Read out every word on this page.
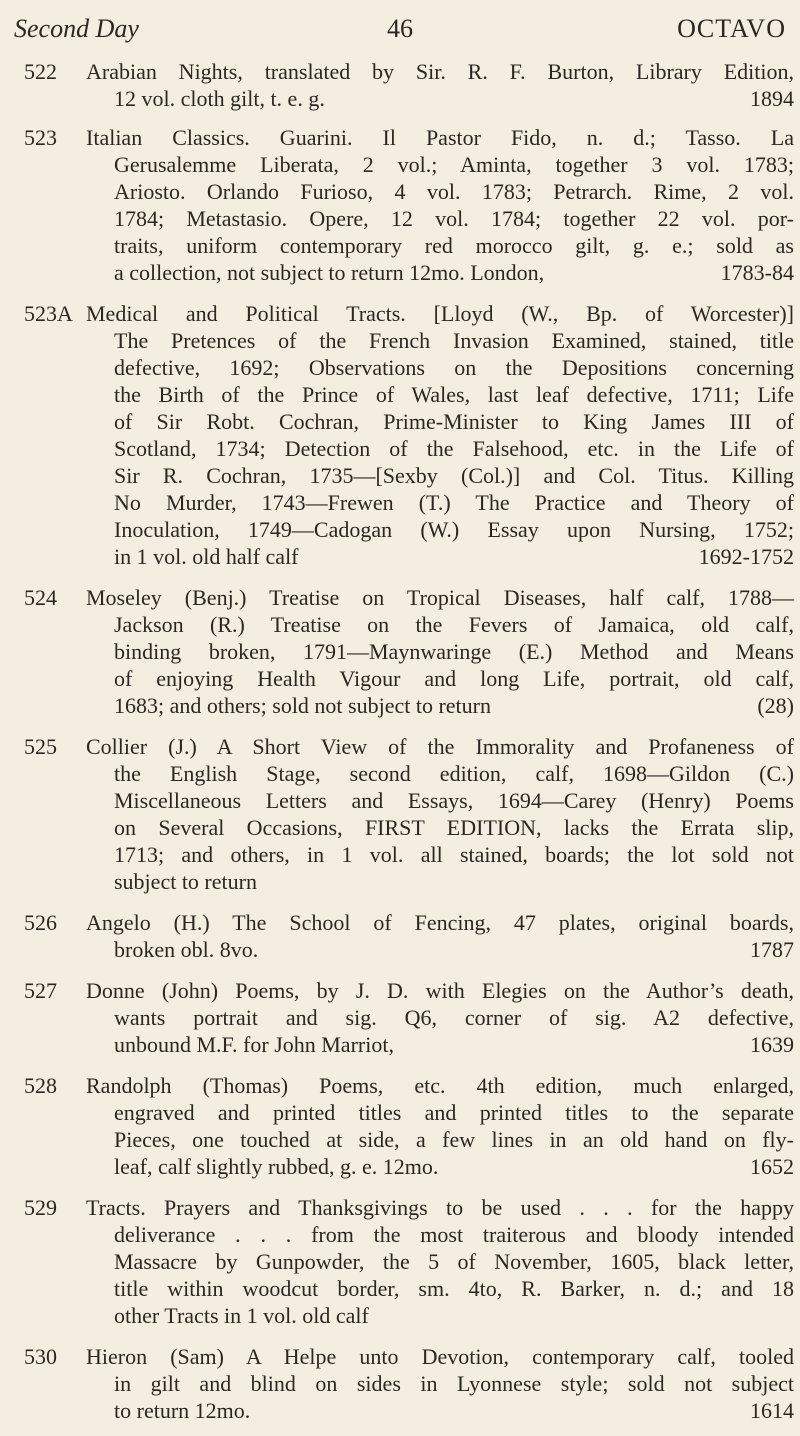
Second Day	46	OCTAVO
522	Arabian Nights, translated by Sir. R. F. Burton, Library Edition,
12 vol. cloth gilt, t. e. g.	1894
523	Italian Classics. Guarini. Il Pastor Fido, n. d.; Tasso. La
Gerusalemme Liberata, 2 vol.; Aminta, together 3 vol. 1783;
Ariosto. Orlando Furioso, 4 vol. 1783; Petrarch. Rime, 2 vol.
1784; Metastasio. Opere, 12 vol. 1784; together 22 vol. por-
traits, uniform contemporary red morocco gilt, g. e.; sold as
a collection, not subject to return 12mo. London,	1783-84
523A Medical and Political Tracts. [Lloyd (W., Bp. of Worcester)]
The Pretences of the French Invasion Examined, stained, title
defective, 1692; Observations on the Depositions concerning
the Birth of the Prince of Wales, last leaf defective, 1711; Life
of Sir Robt. Cochran, Prime-Minister to King James III of
Scotland, 1734; Detection of the Falsehood, etc. in the Life of
Sir R. Cochran, 1735—[Sexby (Col.)] and Col. Titus. Killing
No Murder, 1743—Frewen (T.) The Practice and Theory of
Inoculation, 1749—Cadogan (W.) Essay upon Nursing, 1752;
in 1 vol. old half calf	1692-1752
524	Moseley (Benj.) Treatise on Tropical Diseases, half calf, 1788—
Jackson (R.) Treatise on the Fevers of Jamaica, old calf,
binding broken, 1791—Maynwaringe (E.) Method and Means
of enjoying Health Vigour and long Life, portrait, old calf,
1683; and others; sold not subject to return	(28)
525	Collier (J.) A Short View of the Immorality and Profaneness of
the English Stage, second edition, calf, 1698—Gildon (C.)
Miscellaneous Letters and Essays, 1694—Carey (Henry) Poems
on Several Occasions, FIRST EDITION, lacks the Errata slip,
1713; and others, in 1 vol. all stained, boards; the lot sold not
subject to return
526	Angelo (H.) The School of Fencing, 47 plates, original boards,
broken obl. 8vo.	1787
527	Donne (John) Poems, by J. D. with Elegies on the Author’s death,
wants portrait and sig. Q6, corner of sig. A2 defective,
unbound M.F. for John Marriot,	1639
528	Randolph (Thomas) Poems, etc. 4th edition, much enlarged,
engraved and printed titles and printed titles to the separate
Pieces, one touched at side, a few lines in an old hand on fly-
leaf, calf slightly rubbed, g. e. 12mo.	1652
529	Tracts. Prayers and Thanksgivings to be used . . . for the happy
deliverance . . . from the most traiterous and bloody intended
Massacre by Gunpowder, the 5 of November, 1605, black letter,
title within woodcut border, sm. 4to, R. Barker, n. d.; and 18
other Tracts in 1 vol. old calf
530	Hieron (Sam) A Helpe unto Devotion, contemporary calf, tooled
in gilt and blind on sides in Lyonnese style; sold not subject
to return 12mo.	1614
